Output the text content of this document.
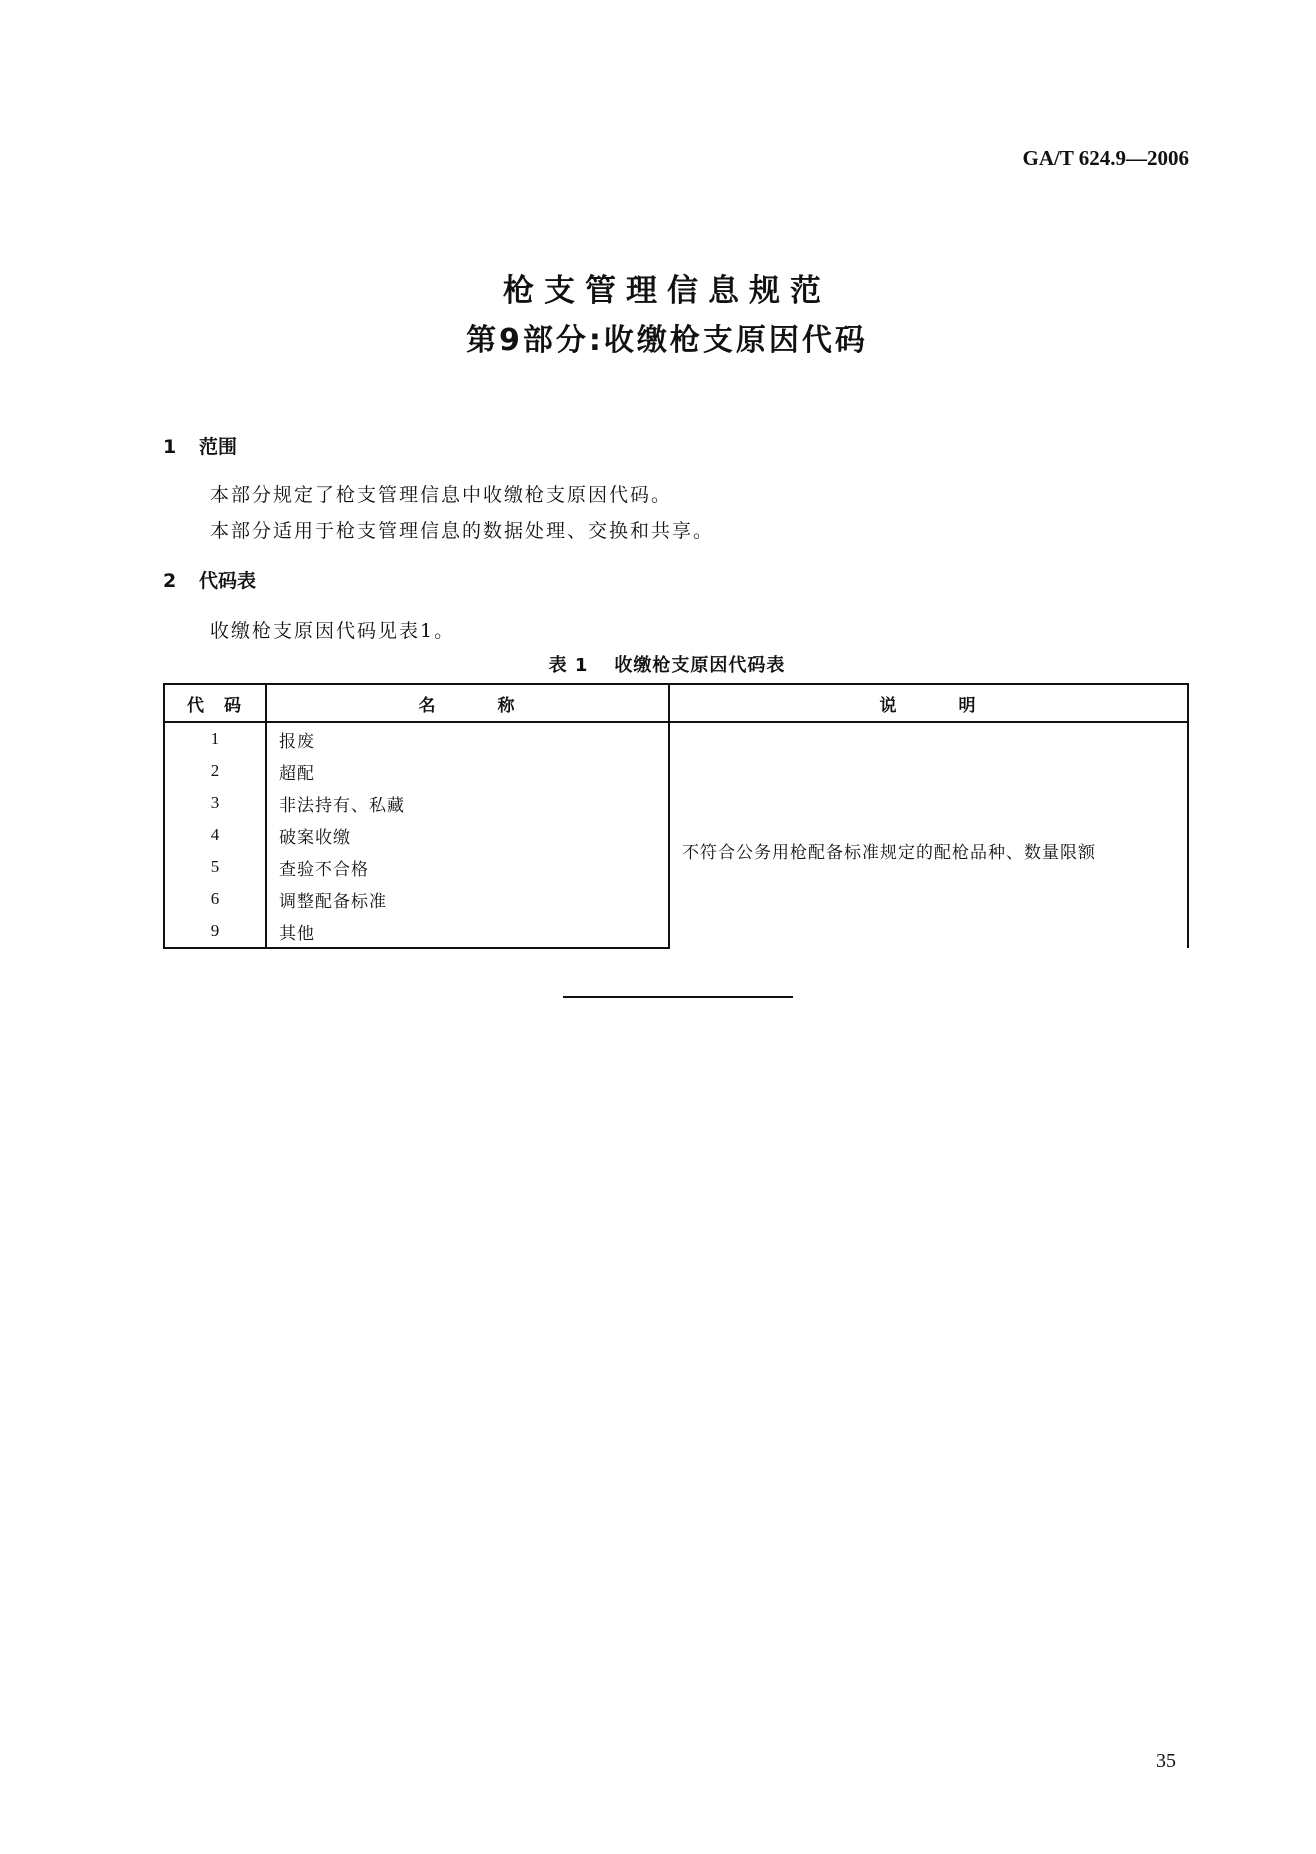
GA/T 624.9—2006
枪支管理信息规范
第9部分:收缴枪支原因代码
1 范围
本部分规定了枪支管理信息中收缴枪支原因代码。
本部分适用于枪支管理信息的数据处理、交换和共享。
2 代码表
收缴枪支原因代码见表1。
表 1 收缴枪支原因代码表
代 码	名 称	说 明
1	报废	不符合公务用枪配备标准规定的配枪品种、数量限额
2	超配	
3	非法持有、私藏	
4	破案收缴	
5	查验不合格	
6	调整配备标准	
9	其他	
35
